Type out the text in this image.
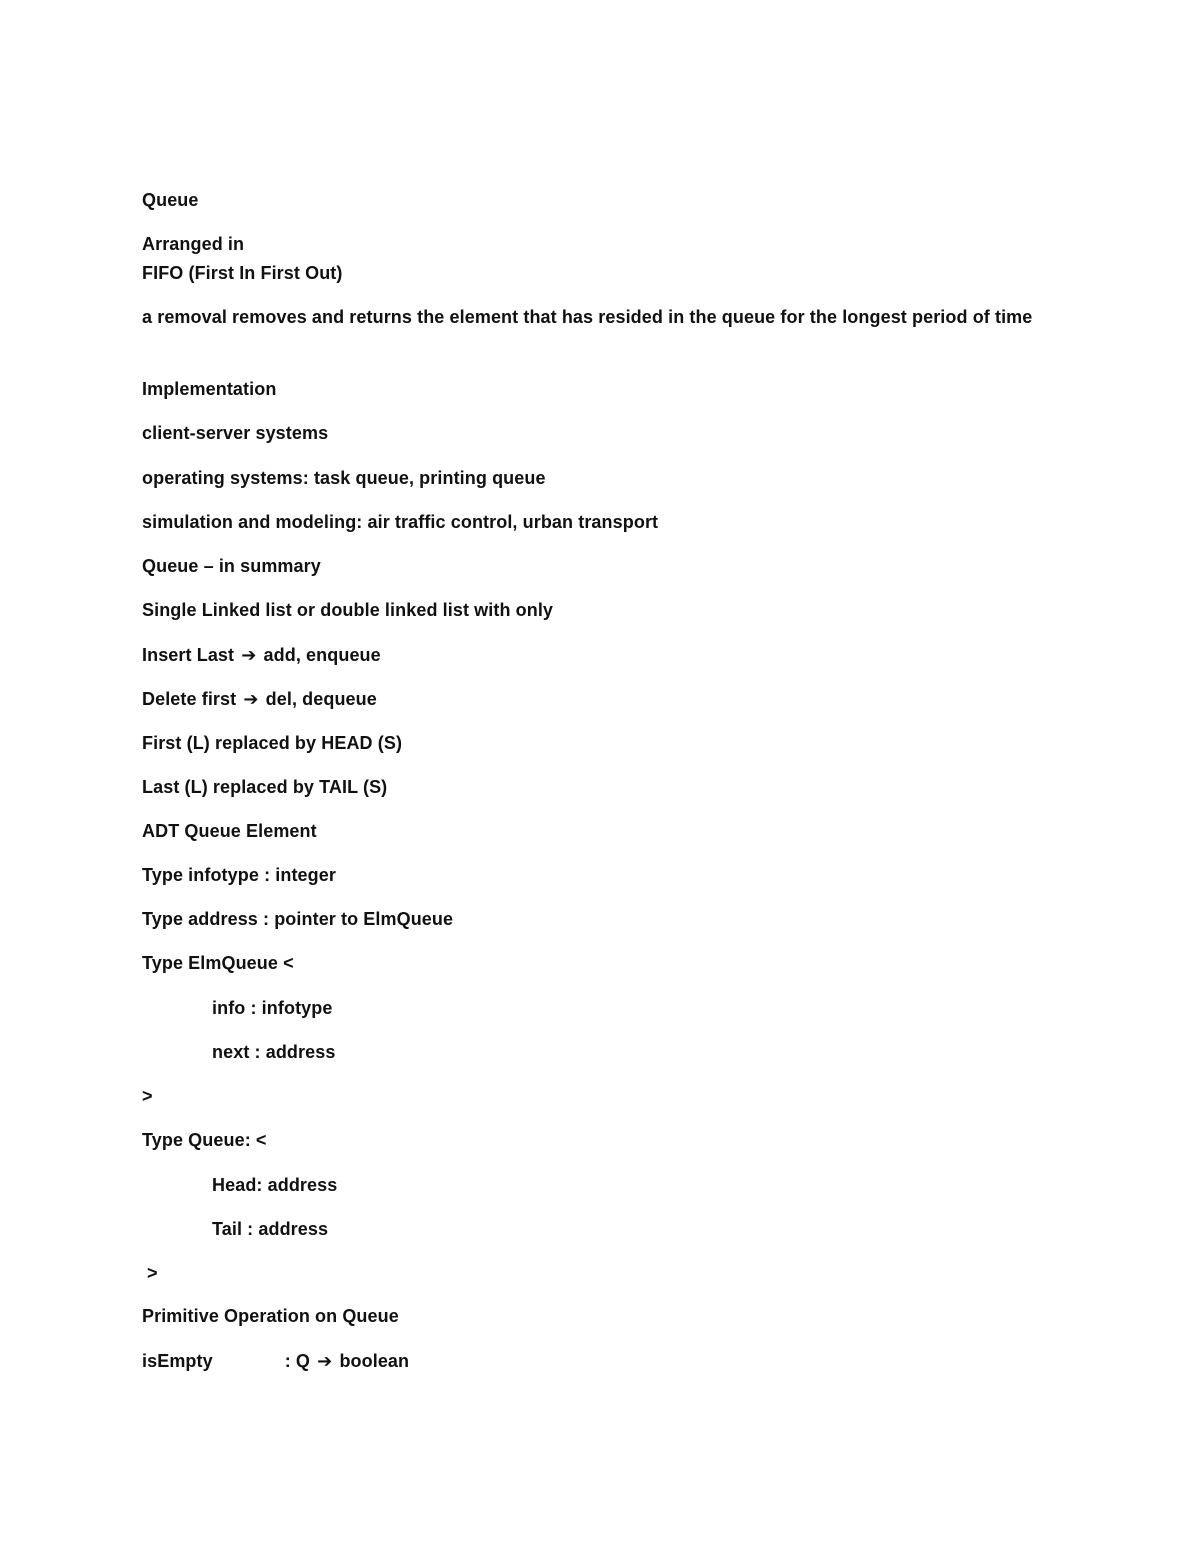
Queue
Arranged in
FIFO (First In First Out)
a removal removes and returns the element that has resided in the queue for the longest period of time
Implementation
client-server systems
operating systems: task queue, printing queue
simulation and modeling: air traffic control, urban transport
Queue – in summary
Single Linked list or double linked list with only
Insert Last ➔ add, enqueue
Delete first ➔ del, dequeue
First (L) replaced by HEAD (S)
Last (L) replaced by TAIL (S)
ADT Queue Element
Type infotype : integer
Type address : pointer to ElmQueue
Type ElmQueue <
info : infotype
next : address
>
Type Queue: <
Head: address
Tail : address
>
Primitive Operation on Queue
isEmpty	: Q ➔ boolean
